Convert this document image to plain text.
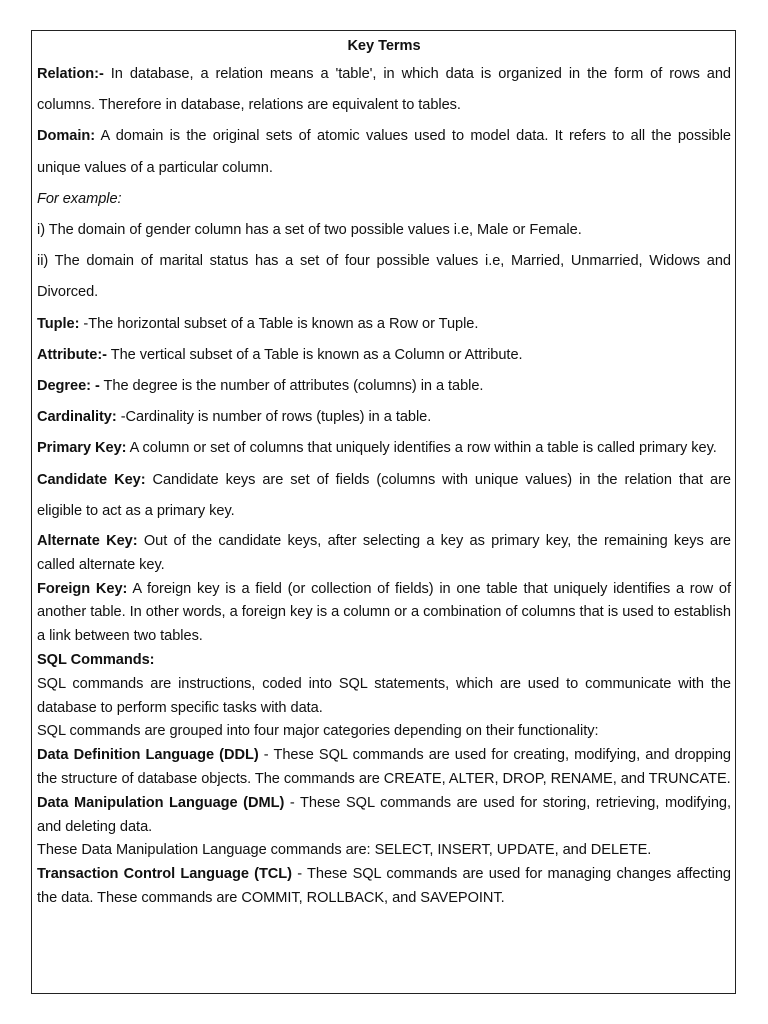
Key Terms

Relation:- In database, a relation means a 'table', in which data is organized in the form of rows and columns. Therefore in database, relations are equivalent to tables.

Domain: A domain is the original sets of atomic values used to model data. It refers to all the possible unique values of a particular column.

For example:

i) The domain of gender column has a set of two possible values i.e, Male or Female.

ii) The domain of marital status has a set of four possible values i.e, Married, Unmarried, Widows and Divorced.

Tuple: -The horizontal subset of a Table is known as a Row or Tuple.

Attribute:- The vertical subset of a Table is known as a Column or Attribute.

Degree: - The degree is the number of attributes (columns) in a table.

Cardinality: -Cardinality is number of rows (tuples) in a table.

Primary Key: A column or set of columns that uniquely identifies a row within a table is called primary key.

Candidate Key: Candidate keys are set of fields (columns with unique values) in the relation that are eligible to act as a primary key.

Alternate Key: Out of the candidate keys, after selecting a key as primary key, the remaining keys are called alternate key.

Foreign Key: A foreign key is a field (or collection of fields) in one table that uniquely identifies a row of another table. In other words, a foreign key is a column or a combination of columns that is used to establish a link between two tables.

SQL Commands:

SQL commands are instructions, coded into SQL statements, which are used to communicate with the database to perform specific tasks with data.

SQL commands are grouped into four major categories depending on their functionality:

Data Definition Language (DDL) - These SQL commands are used for creating, modifying, and dropping the structure of database objects. The commands are CREATE, ALTER, DROP, RENAME, and TRUNCATE.

Data Manipulation Language (DML) - These SQL commands are used for storing, retrieving, modifying, and deleting data.

These Data Manipulation Language commands are: SELECT, INSERT, UPDATE, and DELETE.

Transaction Control Language (TCL) - These SQL commands are used for managing changes affecting the data. These commands are COMMIT, ROLLBACK, and SAVEPOINT.
